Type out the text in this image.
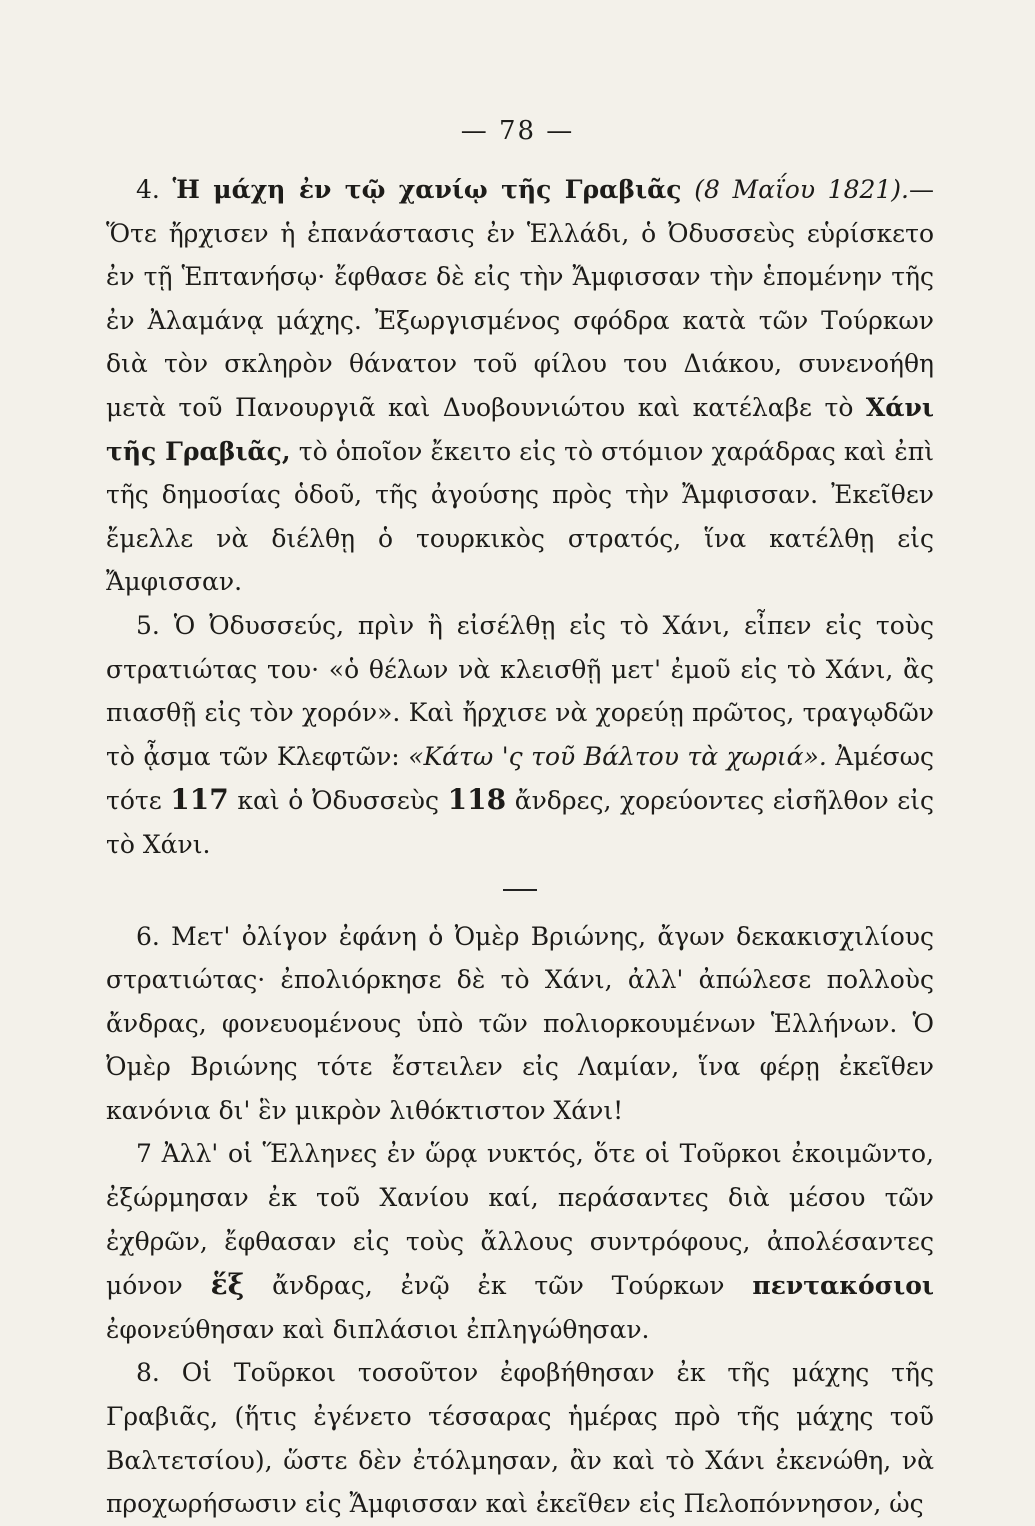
— 78 —

4. Ἡ μάχη ἐν τῷ χανίῳ τῆς Γραβιᾶς (8 Μαΐου 1821).—Ὅτε ἤρχισεν ἡ ἐπανάστασις ἐν Ἑλλάδι, ὁ Ὀδυσσεὺς εὑρίσκετο ἐν τῇ Ἑπτανήσῳ· ἔφθασε δὲ εἰς τὴν Ἄμφισσαν τὴν ἑπομένην τῆς ἐν Ἀλαμάνᾳ μάχης. Ἐξωργισμένος σφόδρα κατὰ τῶν Τούρκων διὰ τὸν σκληρὸν θάνατον τοῦ φίλου του Διάκου, συνενοήθη μετὰ τοῦ Πανουργιᾶ καὶ Δυοβουνιώτου καὶ κατέλαβε τὸ Χάνι τῆς Γραβιᾶς, τὸ ὁποῖον ἔκειτο εἰς τὸ στόμιον χαράδρας καὶ ἐπὶ τῆς δημοσίας ὁδοῦ, τῆς ἀγούσης πρὸς τὴν Ἄμφισσαν. Ἐκεῖθεν ἔμελλε νὰ διέλθῃ ὁ τουρκικὸς στρατός, ἵνα κατέλθῃ εἰς Ἄμφισσαν.

5. Ὁ Ὀδυσσεύς, πρὶν ἢ εἰσέλθῃ εἰς τὸ Χάνι, εἶπεν εἰς τοὺς στρατιώτας του· «ὁ θέλων νὰ κλεισθῇ μετ' ἐμοῦ εἰς τὸ Χάνι, ἂς πιασθῇ εἰς τὸν χορόν». Καὶ ἤρχισε νὰ χορεύῃ πρῶτος, τραγῳδῶν τὸ ᾆσμα τῶν Κλεφτῶν: «Κάτω 'ς τοῦ Βάλτου τὰ χωριά». Ἀμέσως τότε 117 καὶ ὁ Ὀδυσσεὺς 118 ἄνδρες, χορεύοντες εἰσῆλθον εἰς τὸ Χάνι.

6. Μετ' ὀλίγον ἐφάνη ὁ Ὀμὲρ Βριώνης, ἄγων δεκακισχιλίους στρατιώτας· ἐπολιόρκησε δὲ τὸ Χάνι, ἀλλ' ἀπώλεσε πολλοὺς ἄνδρας, φονευομένους ὑπὸ τῶν πολιορκουμένων Ἑλλήνων. Ὁ Ὀμὲρ Βριώνης τότε ἔστειλεν εἰς Λαμίαν, ἵνα φέρῃ ἐκεῖθεν κανόνια δι' ἓν μικρὸν λιθόκτιστον Χάνι!

7 Ἀλλ' οἱ Ἕλληνες ἐν ὥρᾳ νυκτός, ὅτε οἱ Τοῦρκοι ἐκοιμῶντο, ἐξώρμησαν ἐκ τοῦ Χανίου καί, περάσαντες διὰ μέσου τῶν ἐχθρῶν, ἔφθασαν εἰς τοὺς ἄλλους συντρόφους, ἀπολέσαντες μόνον ἕξ ἄνδρας, ἐνῷ ἐκ τῶν Τούρκων πεντακόσιοι ἐφονεύθησαν καὶ διπλάσιοι ἐπληγώθησαν.

8. Οἱ Τοῦρκοι τοσοῦτον ἐφοβήθησαν ἐκ τῆς μάχης τῆς Γραβιᾶς, (ἥτις ἐγένετο τέσσαρας ἡμέρας πρὸ τῆς μάχης τοῦ Βαλτετσίου), ὥστε δὲν ἐτόλμησαν, ἂν καὶ τὸ Χάνι ἐκενώθη, νὰ προχωρήσωσιν εἰς Ἄμφισσαν καὶ ἐκεῖθεν εἰς Πελοπόννησον, ὡς
